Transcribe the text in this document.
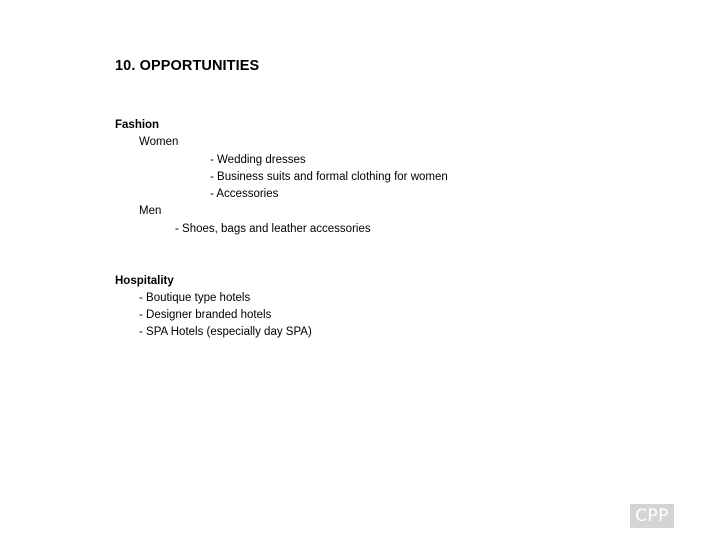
10. OPPORTUNITIES
Fashion
Women
- Wedding dresses
- Business suits and formal clothing for women
- Accessories
Men
- Shoes, bags and leather accessories
Hospitality
- Boutique type hotels
- Designer branded hotels
- SPA Hotels (especially day SPA)
CPP
